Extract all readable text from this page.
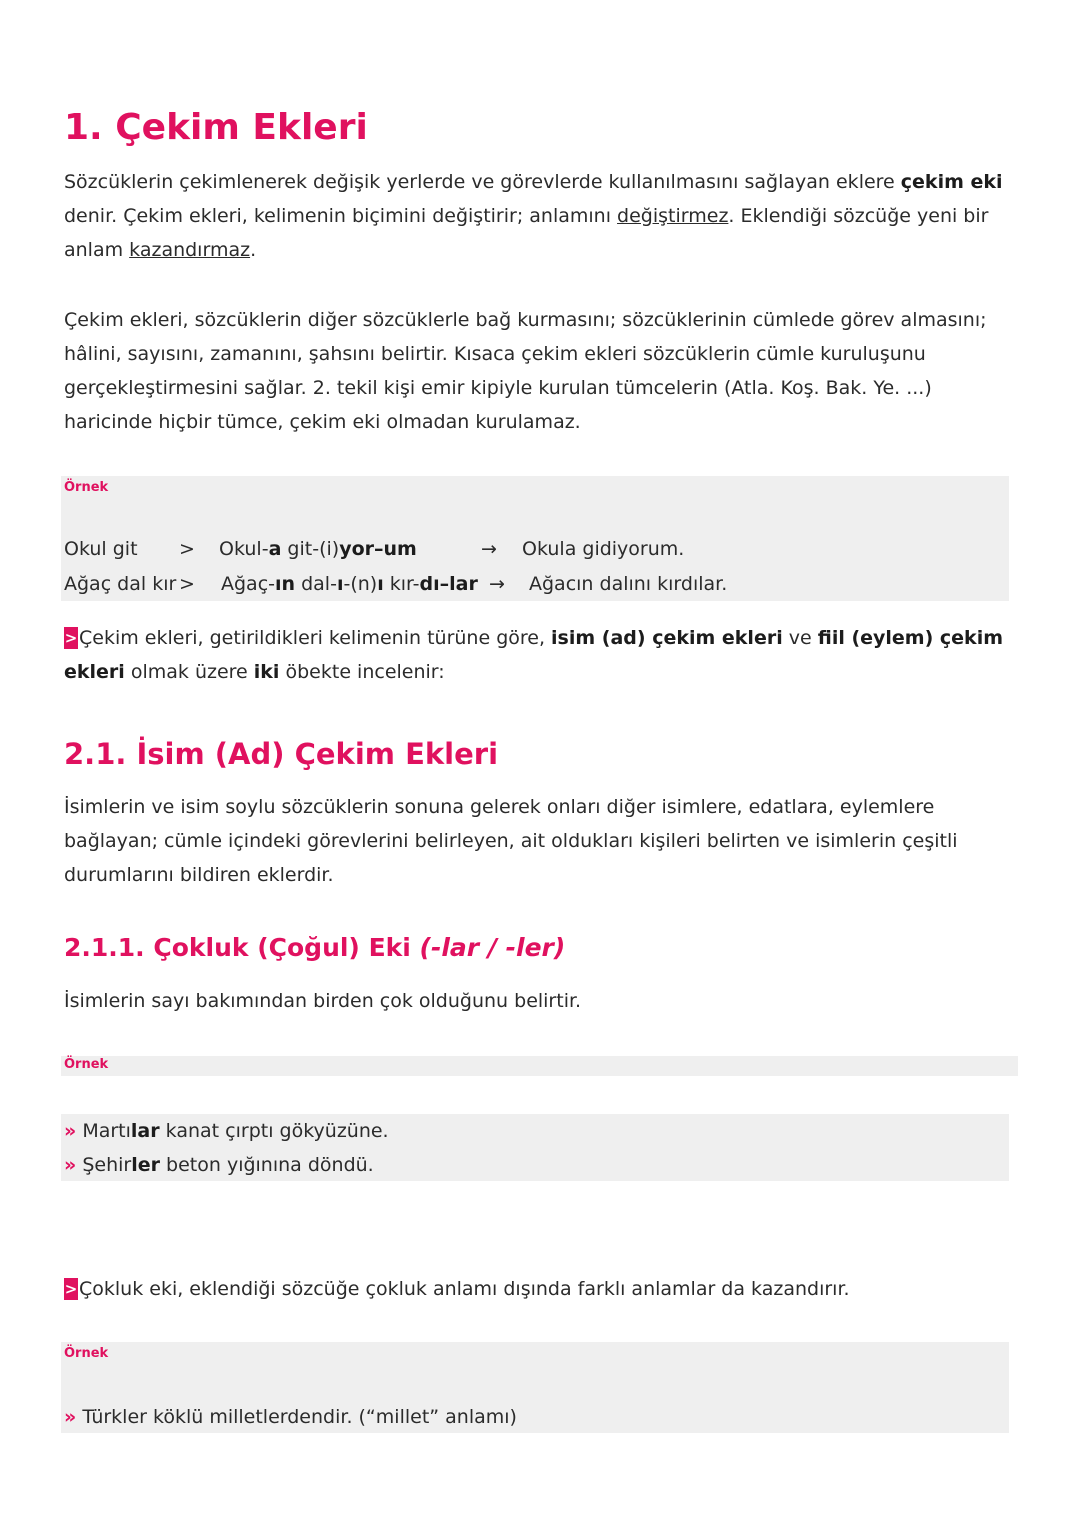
1. Çekim Ekleri

Sözcüklerin çekimlenerek değişik yerlerde ve görevlerde kullanılmasını sağlayan eklere çekim eki denir. Çekim ekleri, kelimenin biçimini değiştirir; anlamını değiştirmez. Eklendiği sözcüğe yeni bir anlam kazandırmaz.

Çekim ekleri, sözcüklerin diğer sözcüklerle bağ kurmasını; sözcüklerinin cümlede görev almasını; hâlini, sayısını, zamanını, şahsını belirtir. Kısaca çekim ekleri sözcüklerin cümle kuruluşunu gerçekleştirmesini sağlar. 2. tekil kişi emir kipiyle kurulan tümcelerin (Atla. Koş. Bak. Ye. ...) haricinde hiçbir tümce, çekim eki olmadan kurulamaz.

Örnek
Okul git > Okul-a git-(i)yor–um	→ Okula gidiyorum.
Ağaç dal kır > Ağaç-ın dal-ı-(n)ı kır-dı–lar → Ağacın dalını kırdılar.

>Çekim ekleri, getirildikleri kelimenin türüne göre, isim (ad) çekim ekleri ve fiil (eylem) çekim ekleri olmak üzere iki öbekte incelenir:

2.1. İsim (Ad) Çekim Ekleri

İsimlerin ve isim soylu sözcüklerin sonuna gelerek onları diğer isimlere, edatlara, eylemlere bağlayan; cümle içindeki görevlerini belirleyen, ait oldukları kişileri belirten ve isimlerin çeşitli durumlarını bildiren eklerdir.

2.1.1. Çokluk (Çoğul) Eki (-lar / -ler)

İsimlerin sayı bakımından birden çok olduğunu belirtir.

Örnek
» Martılar kanat çırptı gökyüzüne.
» Şehirler beton yığınına döndü.

>Çokluk eki, eklendiği sözcüğe çokluk anlamı dışında farklı anlamlar da kazandırır.

Örnek
» Türkler köklü milletlerdendir. (“millet” anlamı)
